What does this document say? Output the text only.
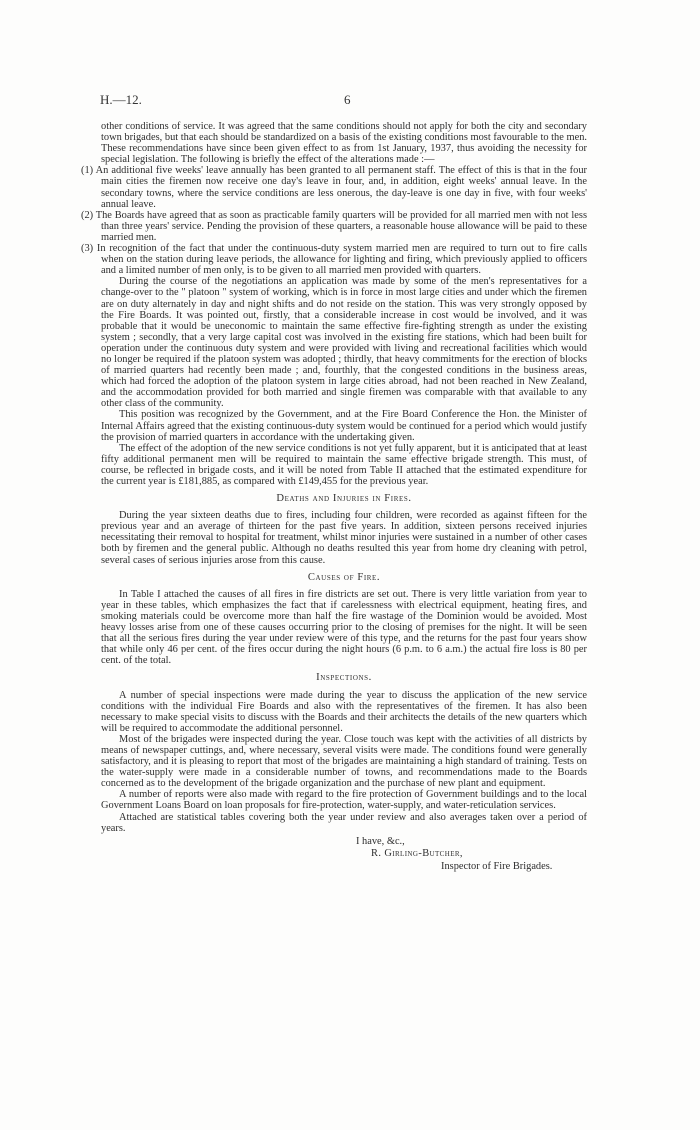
H.—12.	6

other conditions of service. It was agreed that the same conditions should not apply for both the city and secondary town brigades, but that each should be standardized on a basis of the existing conditions most favourable to the men. These recommendations have since been given effect to as from 1st January, 1937, thus avoiding the necessity for special legislation. The following is briefly the effect of the alterations made :—

(1) An additional five weeks' leave annually has been granted to all permanent staff. The effect of this is that in the four main cities the firemen now receive one day's leave in four, and, in addition, eight weeks' annual leave. In the secondary towns, where the service conditions are less onerous, the day-leave is one day in five, with four weeks' annual leave.

(2) The Boards have agreed that as soon as practicable family quarters will be provided for all married men with not less than three years' service. Pending the provision of these quarters, a reasonable house allowance will be paid to these married men.

(3) In recognition of the fact that under the continuous-duty system married men are required to turn out to fire calls when on the station during leave periods, the allowance for lighting and firing, which previously applied to officers and a limited number of men only, is to be given to all married men provided with quarters.

During the course of the negotiations an application was made by some of the men's representatives for a change-over to the " platoon " system of working, which is in force in most large cities and under which the firemen are on duty alternately in day and night shifts and do not reside on the station. This was very strongly opposed by the Fire Boards. It was pointed out, firstly, that a considerable increase in cost would be involved, and it was probable that it would be uneconomic to maintain the same effective fire-fighting strength as under the existing system ; secondly, that a very large capital cost was involved in the existing fire stations, which had been built for operation under the continuous duty system and were provided with living and recreational facilities which would no longer be required if the platoon system was adopted ; thirdly, that heavy commitments for the erection of blocks of married quarters had recently been made ; and, fourthly, that the congested conditions in the business areas, which had forced the adoption of the platoon system in large cities abroad, had not been reached in New Zealand, and the accommodation provided for both married and single firemen was comparable with that available to any other class of the community.

This position was recognized by the Government, and at the Fire Board Conference the Hon. the Minister of Internal Affairs agreed that the existing continuous-duty system would be continued for a period which would justify the provision of married quarters in accordance with the undertaking given.

The effect of the adoption of the new service conditions is not yet fully apparent, but it is anticipated that at least fifty additional permanent men will be required to maintain the same effective brigade strength. This must, of course, be reflected in brigade costs, and it will be noted from Table II attached that the estimated expenditure for the current year is £181,885, as compared with £149,455 for the previous year.

Deaths and Injuries in Fires.

During the year sixteen deaths due to fires, including four children, were recorded as against fifteen for the previous year and an average of thirteen for the past five years. In addition, sixteen persons received injuries necessitating their removal to hospital for treatment, whilst minor injuries were sustained in a number of other cases both by firemen and the general public. Although no deaths resulted this year from home dry cleaning with petrol, several cases of serious injuries arose from this cause.

Causes of Fire.

In Table I attached the causes of all fires in fire districts are set out. There is very little variation from year to year in these tables, which emphasizes the fact that if carelessness with electrical equipment, heating fires, and smoking materials could be overcome more than half the fire wastage of the Dominion would be avoided. Most heavy losses arise from one of these causes occurring prior to the closing of premises for the night. It will be seen that all the serious fires during the year under review were of this type, and the returns for the past four years show that while only 46 per cent. of the fires occur during the night hours (6 p.m. to 6 a.m.) the actual fire loss is 80 per cent. of the total.

Inspections.

A number of special inspections were made during the year to discuss the application of the new service conditions with the individual Fire Boards and also with the representatives of the firemen. It has also been necessary to make special visits to discuss with the Boards and their architects the details of the new quarters which will be required to accommodate the additional personnel.

Most of the brigades were inspected during the year. Close touch was kept with the activities of all districts by means of newspaper cuttings, and, where necessary, several visits were made. The conditions found were generally satisfactory, and it is pleasing to report that most of the brigades are maintaining a high standard of training. Tests on the water-supply were made in a considerable number of towns, and recommendations made to the Boards concerned as to the development of the brigade organization and the purchase of new plant and equipment.

A number of reports were also made with regard to the fire protection of Government buildings and to the local Government Loans Board on loan proposals for fire-protection, water-supply, and water-reticulation services.

Attached are statistical tables covering both the year under review and also averages taken over a period of years.

I have, &c.,
R. Girling-Butcher,
Inspector of Fire Brigades.
